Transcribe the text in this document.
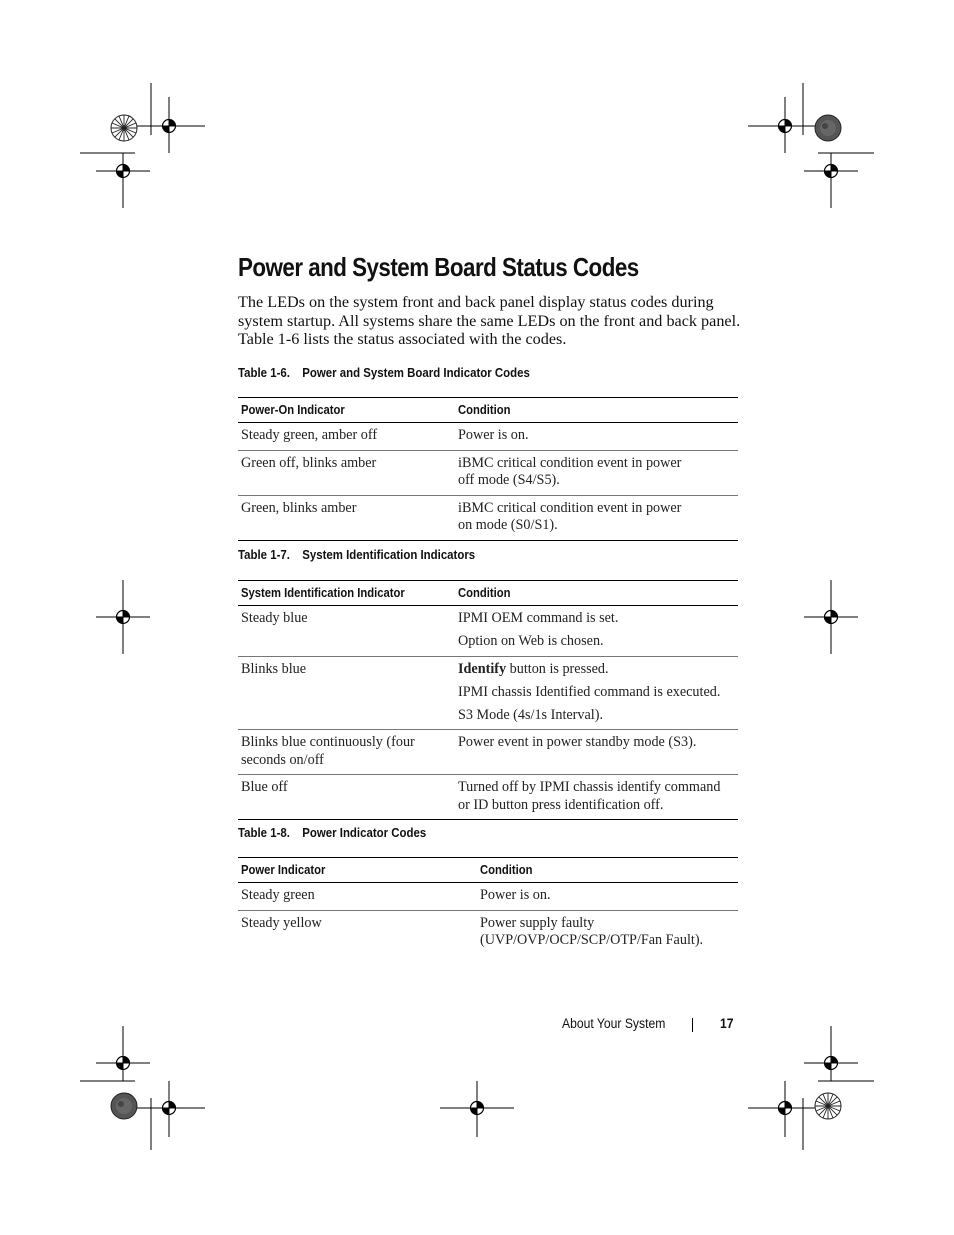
Power and System Board Status Codes

The LEDs on the system front and back panel display status codes during system startup. All systems share the same LEDs on the front and back panel. Table 1-6 lists the status associated with the codes.

Table 1-6. Power and System Board Indicator Codes
Power-On Indicator	Condition
Steady green, amber off	Power is on.
Green off, blinks amber	iBMC critical condition event in power
off mode (S4/S5).
Green, blinks amber	iBMC critical condition event in power
on mode (S0/S1).
Table 1-7. System Identification Indicators
System Identification Indicator	Condition
Steady blue	IPMI OEM command is set.
Option on Web is chosen.

Blinks blue	Identify button is pressed.
IPMI chassis Identified command is executed.
S3 Mode (4s/1s Interval).

Blinks blue continuously (four seconds on/off	Power event in power standby mode (S3).
Blue off	Turned off by IPMI chassis identify command or ID button press identification off.
Table 1-8. Power Indicator Codes
Power Indicator	Condition
Steady green	Power is on.
Steady yellow	Power supply faulty
(UVP/OVP/OCP/SCP/OTP/Fan Fault).
About Your System	17
